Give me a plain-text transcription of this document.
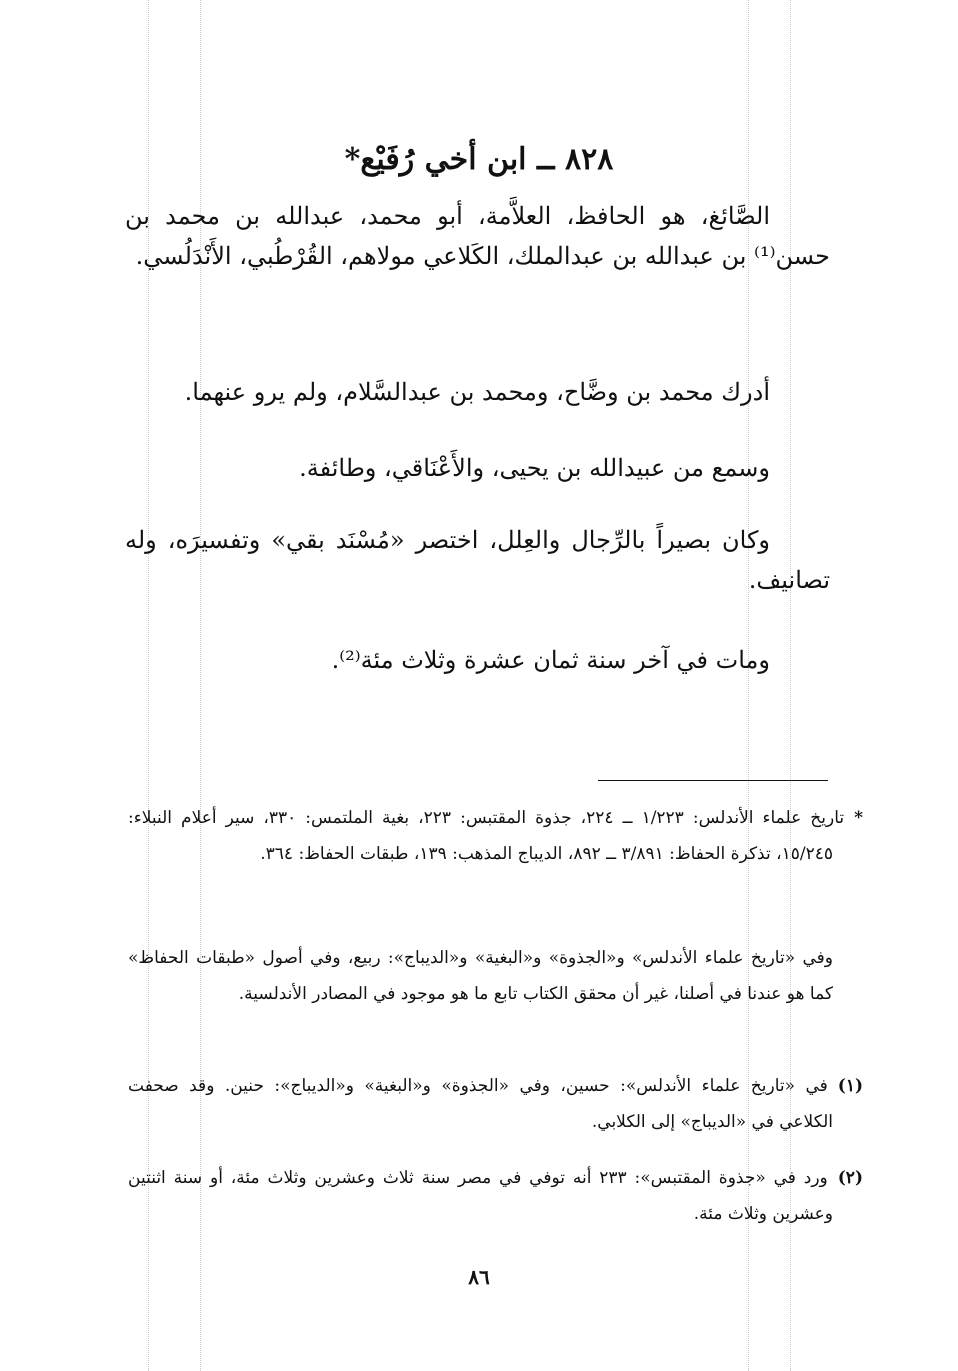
٨٢٨ ــ ابن أخي رُفَيْع*

الصَّائغ، هو الحافظ، العلاَّمة، أبو محمد، عبدالله بن محمد بن حسن⁽¹⁾ بن عبدالله بن عبدالملك، الكَلاعي مولاهم، القُرْطُبي، الأَنْدَلُسي.

أدرك محمد بن وضَّاح، ومحمد بن عبدالسَّلام، ولم يرو عنهما.

وسمع من عبيدالله بن يحيى، والأَعْنَاقي، وطائفة.

وكان بصيراً بالرِّجال والعِلل، اختصر «مُسْنَد بقي» وتفسيرَه، وله تصانيف.

ومات في آخر سنة ثمان عشرة وثلاث مئة⁽²⁾.

*تاريخ علماء الأندلس: ١/٢٢٣ ــ ٢٢٤، جذوة المقتبس: ٢٢٣، بغية الملتمس: ٣٣٠، سير أعلام النبلاء: ١٥/٢٤٥، تذكرة الحفاظ: ٣/٨٩١ ــ ٨٩٢، الديباج المذهب: ١٣٩، طبقات الحفاظ: ٣٦٤.
وفي «تاريخ علماء الأندلس» و«الجذوة» و«البغية» و«الديباج»: ربيع، وفي أصول «طبقات الحفاظ» كما هو عندنا في أصلنا، غير أن محقق الكتاب تابع ما هو موجود في المصادر الأندلسية.
(١)في «تاريخ علماء الأندلس»: حسين، وفي «الجذوة» و«البغية» و«الديباج»: حنين. وقد صحفت الكلاعي في «الديباج» إلى الكلابي.
(٢)ورد في «جذوة المقتبس»: ٢٣٣ أنه توفي في مصر سنة ثلاث وعشرين وثلاث مئة، أو سنة اثنتين وعشرين وثلاث مئة.
٨٦
